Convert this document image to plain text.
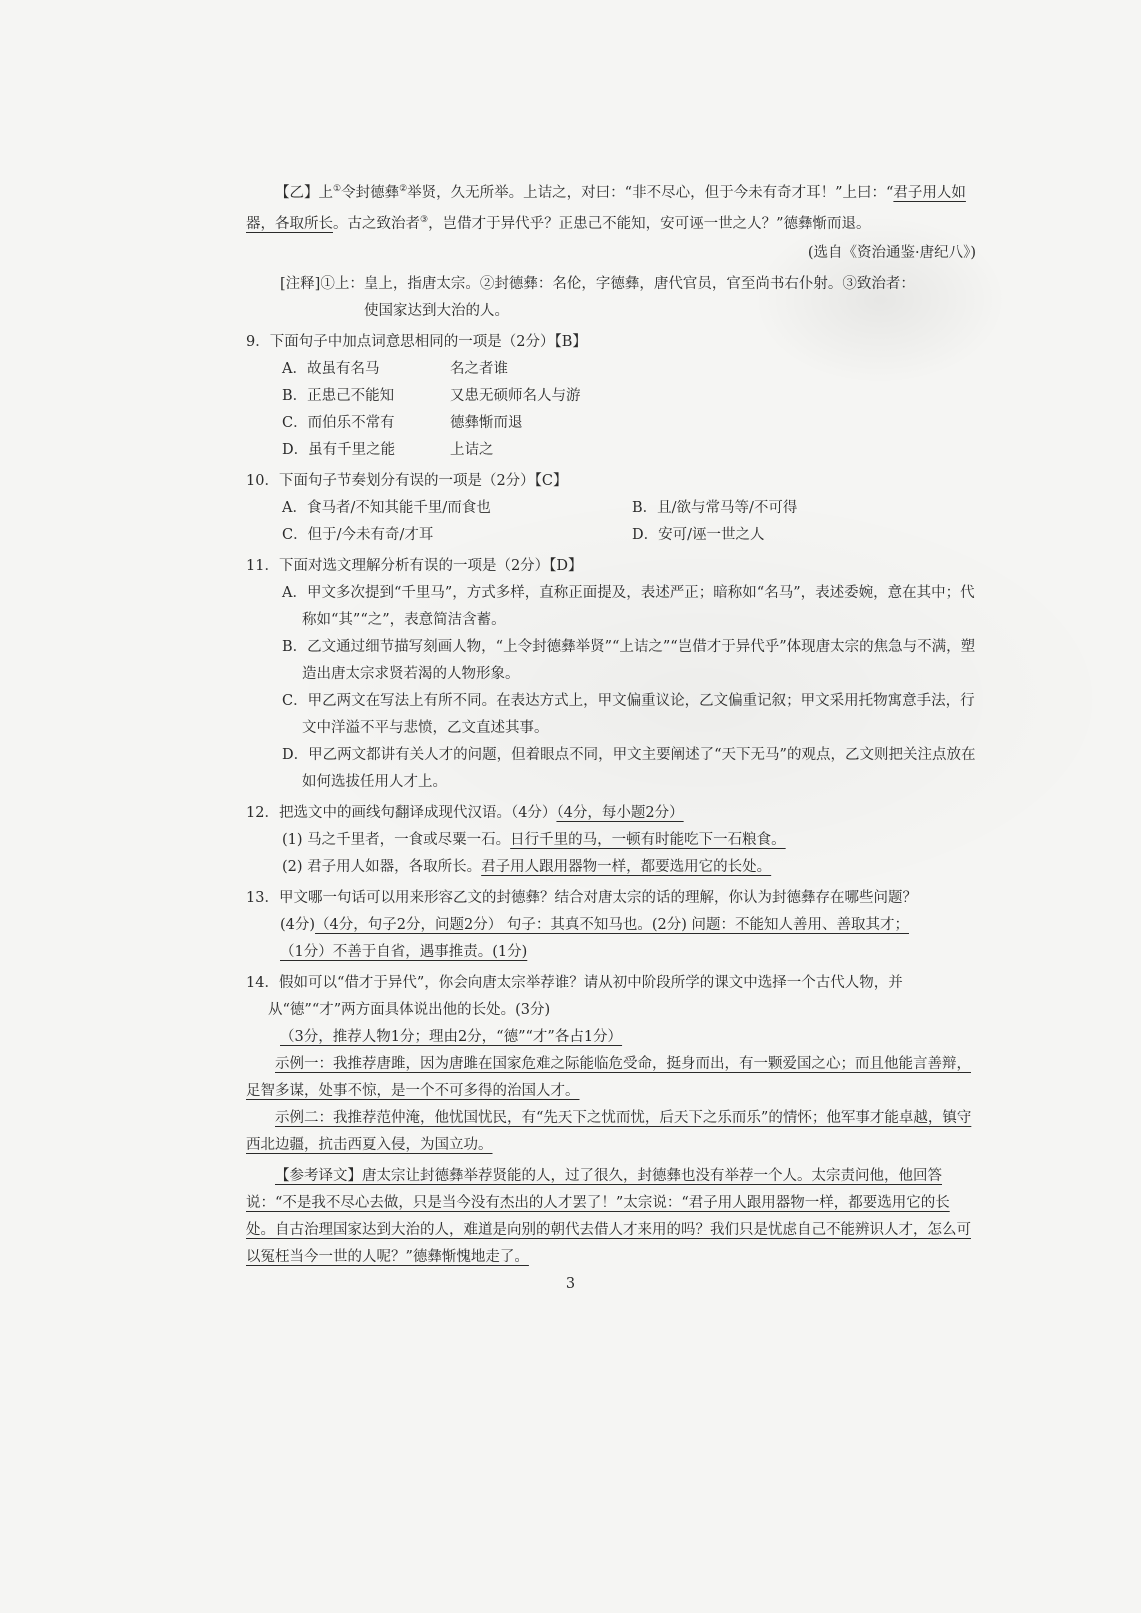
【乙】上①令封德彝②举贤，久无所举。上诘之，对曰：“非不尽心，但于今未有奇才耳！”上曰：“君子用人如器，各取所长。古之致治者③，岂借才于异代乎？正患己不能知，安可诬一世之人？”德彝惭而退。

(选自《资治通鉴·唐纪八》)

[注释]①上：皇上，指唐太宗。②封德彝：名伦，字德彝，唐代官员，官至尚书右仆射。③致治者：

使国家达到大治的人。

9．下面句子中加点词意思相同的一项是（2分）【B】

A．故虽有名马	名之者谁
B．正患己不能知	又患无硕师名人与游
C．而伯乐不常有	德彝惭而退
D．虽有千里之能	上诘之

10．下面句子节奏划分有误的一项是（2分）【C】

A．食马者/不知其能千里/而食也	B．且/欲与常马等/不可得
C．但于/今未有奇/才耳	D．安可/诬一世之人

11．下面对选文理解分析有误的一项是（2分）【D】

A．甲文多次提到“千里马”，方式多样，直称正面提及，表述严正；暗称如“名马”，表述委婉，意在其中；代称如“其”“之”，表意简洁含蓄。

B．乙文通过细节描写刻画人物，“上令封德彝举贤”“上诘之”“岂借才于异代乎”体现唐太宗的焦急与不满，塑造出唐太宗求贤若渴的人物形象。

C．甲乙两文在写法上有所不同。在表达方式上，甲文偏重议论，乙文偏重记叙；甲文采用托物寓意手法，行文中洋溢不平与悲愤，乙文直述其事。

D．甲乙两文都讲有关人才的问题，但着眼点不同，甲文主要阐述了“天下无马”的观点，乙文则把关注点放在如何选拔任用人才上。

12．把选文中的画线句翻译成现代汉语。（4分）（4分，每小题2分）

(1) 马之千里者，一食或尽粟一石。日行千里的马，一顿有时能吃下一石粮食。

(2) 君子用人如器，各取所长。君子用人跟用器物一样，都要选用它的长处。

13．甲文哪一句话可以用来形容乙文的封德彝？结合对唐太宗的话的理解，你认为封德彝存在哪些问题？

(4分)（4分，句子2分，问题2分） 句子：其真不知马也。(2分) 问题：不能知人善用、善取其才；

（1分）不善于自省，遇事推责。(1分)

14．假如可以“借才于异代”，你会向唐太宗举荐谁？请从初中阶段所学的课文中选择一个古代人物，并从“德”“才”两方面具体说出他的长处。(3分)

（3分，推荐人物1分；理由2分，“德”“才”各占1分）

示例一：我推荐唐雎，因为唐雎在国家危难之际能临危受命，挺身而出，有一颗爱国之心；而且他能言善辩，足智多谋，处事不惊，是一个不可多得的治国人才。

示例二：我推荐范仲淹，他忧国忧民，有“先天下之忧而忧，后天下之乐而乐”的情怀；他军事才能卓越，镇守西北边疆，抗击西夏入侵，为国立功。

【参考译文】唐太宗让封德彝举荐贤能的人，过了很久，封德彝也没有举荐一个人。太宗责问他，他回答说：“不是我不尽心去做，只是当今没有杰出的人才罢了！”太宗说：“君子用人跟用器物一样，都要选用它的长处。自古治理国家达到大治的人，难道是向别的朝代去借人才来用的吗？我们只是忧虑自己不能辨识人才，怎么可以冤枉当今一世的人呢？”德彝惭愧地走了。

3
